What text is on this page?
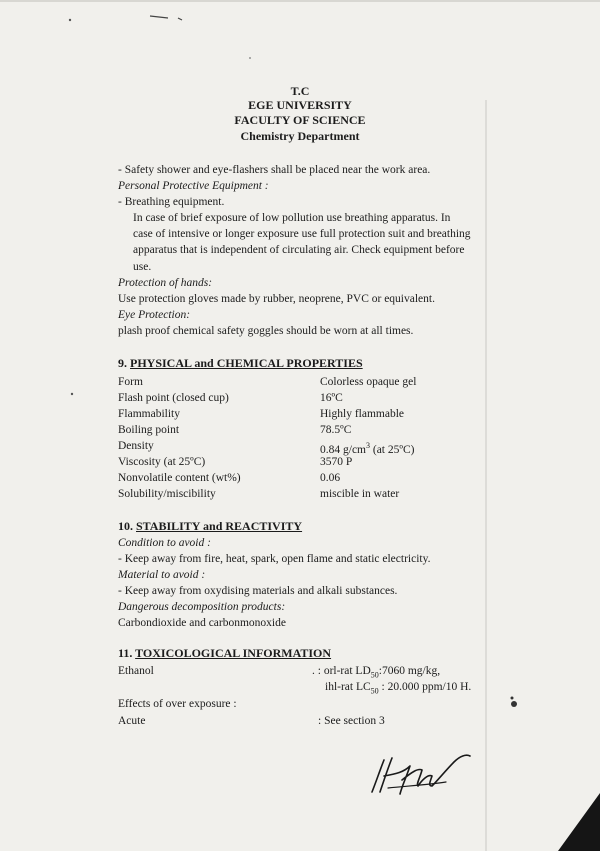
T.C
EGE UNIVERSITY
FACULTY OF SCIENCE
Chemistry Department
- Safety shower and eye-flashers shall be placed near the work area.
Personal Protective Equipment :
- Breathing equipment.
In case of brief exposure of low pollution use breathing apparatus. In
case of intensive or longer exposure use full protection suit and breathing
apparatus that is independent of circulating air. Check equipment before
use.
Protection of hands:
Use protection gloves made by rubber, neoprene, PVC or equivalent.
Eye Protection:
plash proof chemical safety goggles should be worn at all times.
9. PHYSICAL and CHEMICAL PROPERTIES
Form	Colorless opaque gel
Flash point (closed cup)	16ºC
Flammability	Highly flammable
Boiling point	78.5ºC
Density	0.84 $g/cm^3$ (at 25ºC)
Viscosity (at 25ºC)	3570 P
Nonvolatile content (wt%)	0.06
Solubility/miscibility	miscible in water
10. STABILITY and REACTIVITY
Condition to avoid :
- Keep away from fire, heat, spark, open flame and static electricity.
Material to avoid :
- Keep away from oxydising materials and alkali substances.
Dangerous decomposition products:
Carbondioxide and carbonmonoxide
11. TOXICOLOGICAL INFORMATION
Ethanol	. : orl-rat $LD_{50}:7060$ mg/kg,
ihl-rat $LC_{50}$ : 20.000 ppm/10 H.
Effects of over exposure :
Acute	: See section 3
